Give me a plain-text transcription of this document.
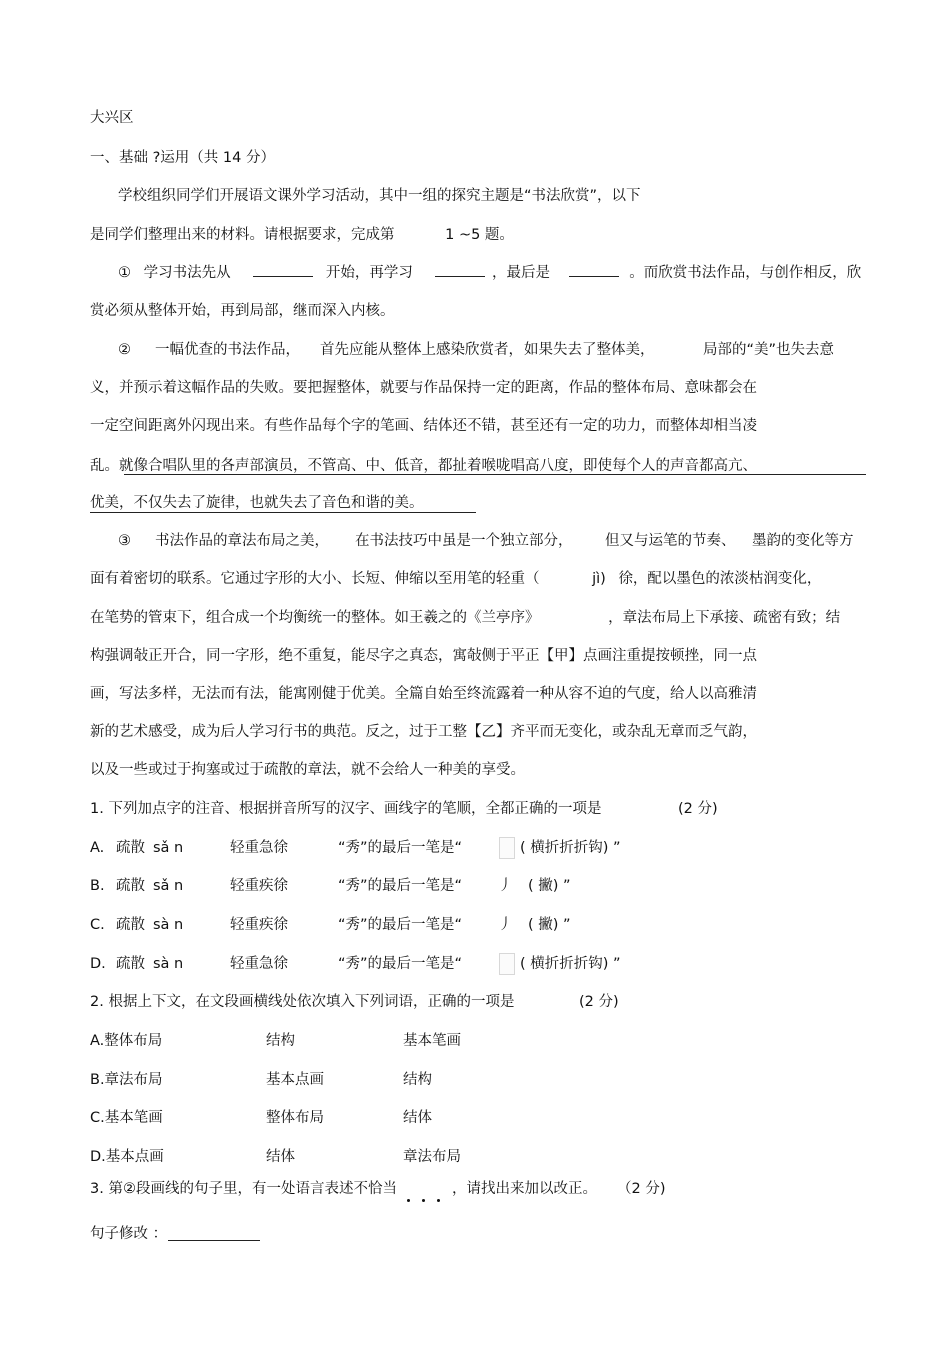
大兴区
一、基础 ?运用（共 14 分）
学校组织同学们开展语文课外学习活动，其中一组的探究主题是“书法欣赏”，以下
是同学们整理出来的材料。请根据要求，完成第	1 ~5 题。
① 学习书法先从	开始，再学习	，最后是	。而欣赏书法作品，与创作相反，欣
赏必须从整体开始，再到局部，继而深入内核。
② 一幅优查的书法作品， 首先应能从整体上感染欣赏者， 如果失去了整体美，	局部的“美”也失去意
义，并预示着这幅作品的失败。要把握整体，就要与作品保持一定的距离，作品的整体布局、意味都会在
一定空间距离外闪现出来。有些作品每个字的笔画、结体还不错，甚至还有一定的功力，而整体却相当凌
乱。就像合唱队里的各声部演员，不管高、中、低音，都扯着喉咙唱高八度，即使每个人的声音都高亢、
优美，不仅失去了旋律，也就失去了音色和谐的美。
③ 书法作品的章法布局之美， 在书法技巧中虽是一个独立部分， 但又与运笔的节奏、 墨韵的变化等方
面有着密切的联系。它通过字形的大小、长短、伸缩以至用笔的轻重（	jì) 徐，配以墨色的浓淡枯润变化，
在笔势的管束下，组合成一个均衡统一的整体。如王羲之的《兰亭序》	，章法布局上下承接、疏密有致；结
构强调敧正开合，同一字形，绝不重复，能尽字之真态，寓敧侧于平正【甲】点画注重提按顿挫，同一点
画，写法多样，无法而有法，能寓刚健于优美。全篇自始至终流露着一种从容不迫的气度，给人以高雅清
新的艺术感受，成为后人学习行书的典范。反之，过于工整【乙】齐平而无变化，或杂乱无章而乏气韵，
以及一些或过于拘塞或过于疏散的章法，就不会给人一种美的享受。
1. 下列加点字的注音、根据拼音所写的汉字、画线字的笔顺，全都正确的一项是	(2 分)
A. 疏散 sǎ n	轻重急徐	“秀”的最后一笔是“	( 横折折折钩) ”
B. 疏散 sǎ n	轻重疾徐	“秀”的最后一笔是“ 丿 ( 撇) ”
C. 疏散 sà n	轻重疾徐	“秀”的最后一笔是“ 丿 ( 撇) ”
D. 疏散 sà n	轻重急徐	“秀”的最后一笔是“	( 横折折折钩) ”
2. 根据上下文，在文段画横线处依次填入下列词语，正确的一项是	(2 分)
A.整体布局	结构	基本笔画
B.章法布局	基本点画	结构
C.基本笔画	整体布局	结体
D.基本点画	结体	章法布局
3. 第②段画线的句子里，有一处语言表述不恰当	，请找出来加以改正。 （2 分)
句子修改 ：
